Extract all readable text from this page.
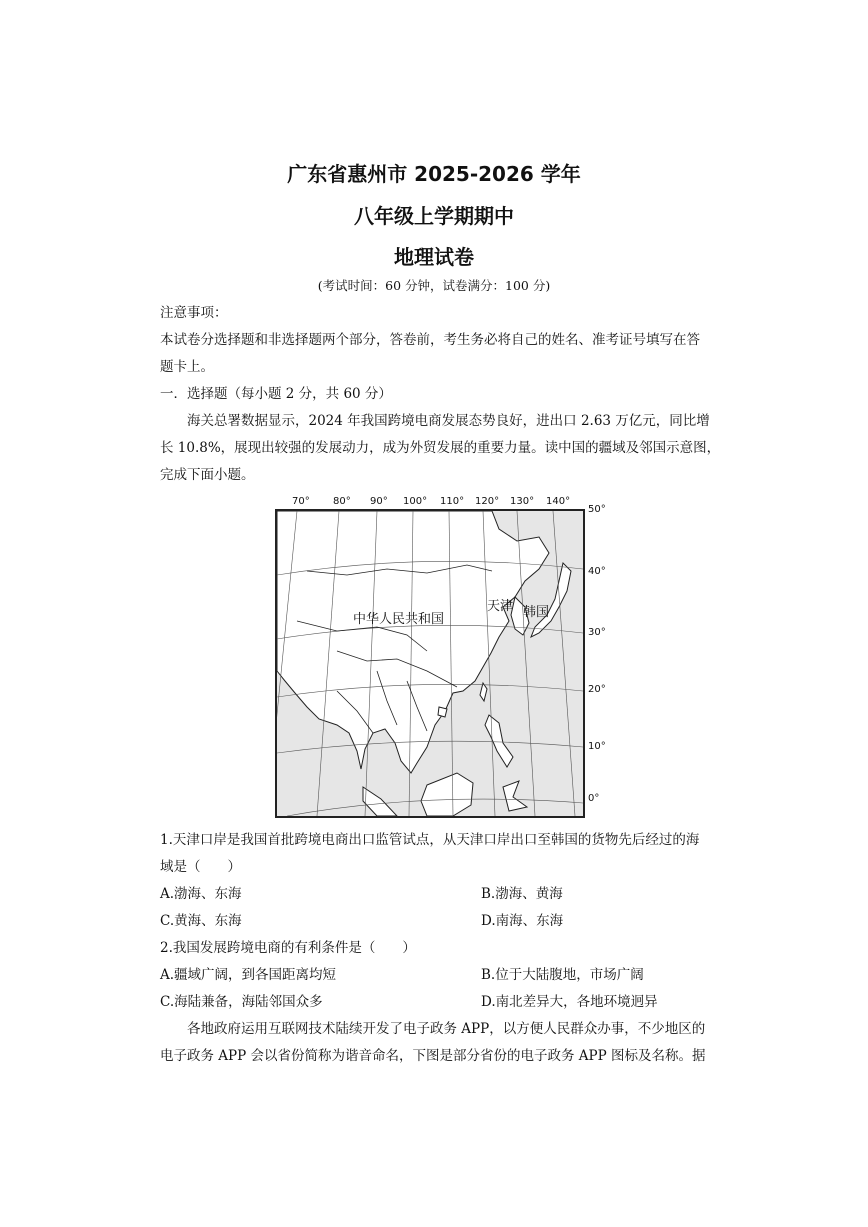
广东省惠州市 2025-2026 学年
八年级上学期期中
地理试卷
(考试时间：60 分钟，试卷满分：100 分)
注意事项：
本试卷分选择题和非选择题两个部分，答卷前，考生务必将自己的姓名、准考证号填写在答
题卡上。
一．选择题（每小题 2 分，共 60 分）
海关总署数据显示，2024 年我国跨境电商发展态势良好，进出口 2.63 万亿元，同比增
长 10.8%，展现出较强的发展动力，成为外贸发展的重要力量。读中国的疆域及邻国示意图，
完成下面小题。
70° 80° 90° 100° 110° 120° 130° 140°
50°
40°
30°
20°
10°
0°
中华人民共和国
天津 韩国
1.天津口岸是我国首批跨境电商出口监管试点，从天津口岸出口至韩国的货物先后经过的海
域是（　　）
A.渤海、东海	B.渤海、黄海
C.黄海、东海	D.南海、东海
2.我国发展跨境电商的有利条件是（　　）
A.疆域广阔，到各国距离均短	B.位于大陆腹地，市场广阔
C.海陆兼备，海陆邻国众多	D.南北差异大，各地环境迥异
各地政府运用互联网技术陆续开发了电子政务 APP，以方便人民群众办事，不少地区的
电子政务 APP 会以省份简称为谐音命名，下图是部分省份的电子政务 APP 图标及名称。据
